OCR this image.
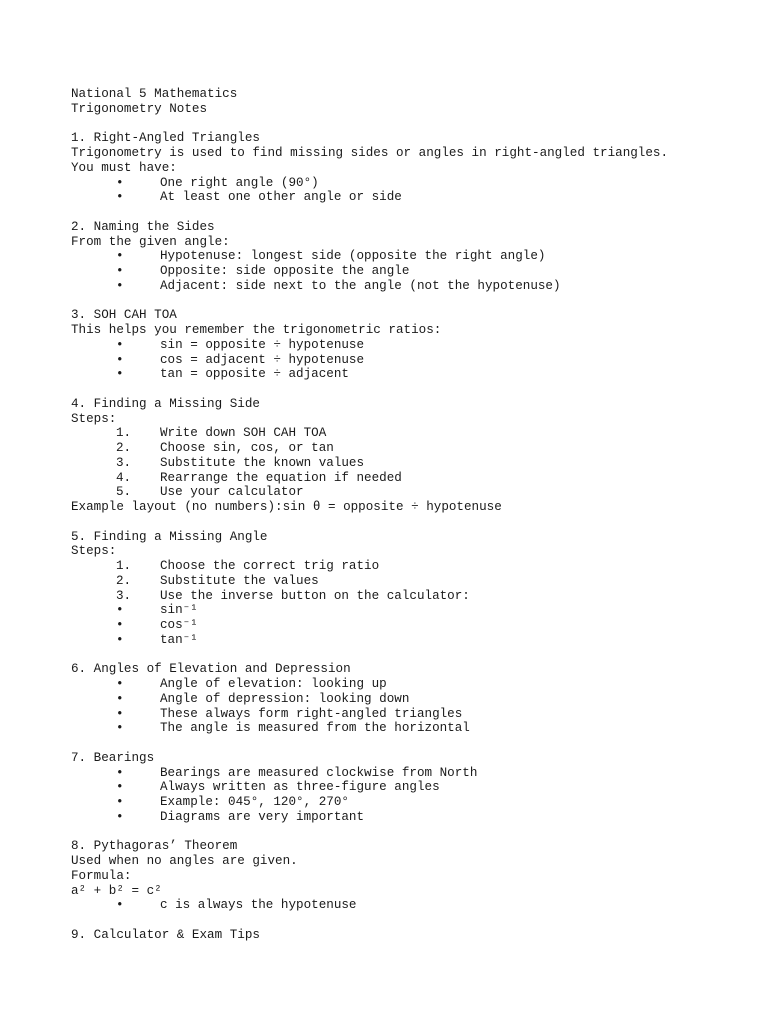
National 5 Mathematics
Trigonometry Notes
1. Right-Angled Triangles
Trigonometry is used to find missing sides or angles in right-angled triangles.
You must have:
•	One right angle (90°)
•	At least one other angle or side
2. Naming the Sides
From the given angle:
•	Hypotenuse: longest side (opposite the right angle)
•	Opposite: side opposite the angle
•	Adjacent: side next to the angle (not the hypotenuse)
3. SOH CAH TOA
This helps you remember the trigonometric ratios:
•	sin = opposite ÷ hypotenuse
•	cos = adjacent ÷ hypotenuse
•	tan = opposite ÷ adjacent
4. Finding a Missing Side
Steps:
1. Write down SOH CAH TOA
2. Choose sin, cos, or tan
3. Substitute the known values
4. Rearrange the equation if needed
5. Use your calculator
Example layout (no numbers):sin θ = opposite ÷ hypotenuse
5. Finding a Missing Angle
Steps:
1. Choose the correct trig ratio
2. Substitute the values
3. Use the inverse button on the calculator:
•	sin⁻¹
•	cos⁻¹
•	tan⁻¹
6. Angles of Elevation and Depression
•	Angle of elevation: looking up
•	Angle of depression: looking down
•	These always form right-angled triangles
•	The angle is measured from the horizontal
7. Bearings
•	Bearings are measured clockwise from North
•	Always written as three-figure angles
•	Example: 045°, 120°, 270°
•	Diagrams are very important
8. Pythagoras’ Theorem
Used when no angles are given.
Formula:
a² + b² = c²
•	c is always the hypotenuse
9. Calculator & Exam Tips
